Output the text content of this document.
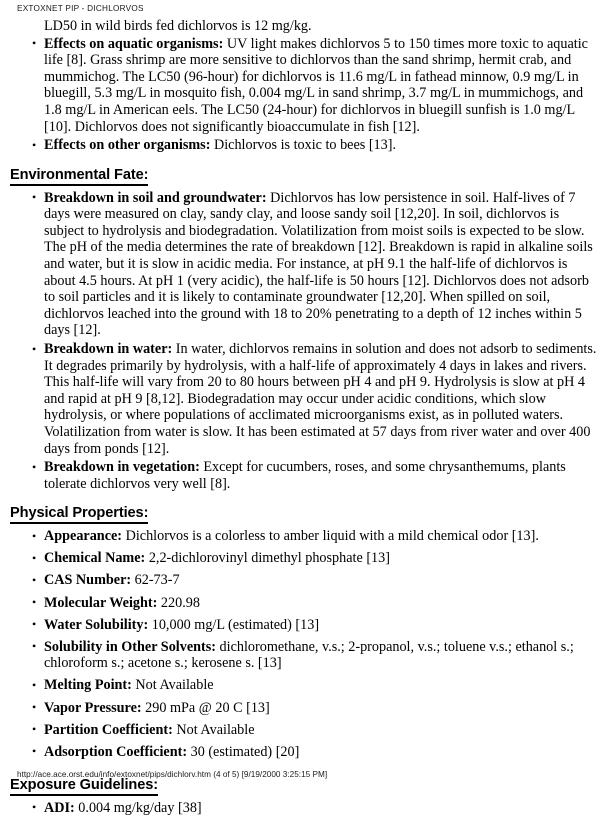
EXTOXNET PIP - DICHLORVOS

LD50 in wild birds fed dichlorvos is 12 mg/kg.

• Effects on aquatic organisms: UV light makes dichlorvos 5 to 150 times more toxic to aquatic life [8]. Grass shrimp are more sensitive to dichlorvos than the sand shrimp, hermit crab, and mummichog. The LC50 (96-hour) for dichlorvos is 11.6 mg/L in fathead minnow, 0.9 mg/L in bluegill, 5.3 mg/L in mosquito fish, 0.004 mg/L in sand shrimp, 3.7 mg/L in mummichogs, and 1.8 mg/L in American eels. The LC50 (24-hour) for dichlorvos in bluegill sunfish is 1.0 mg/L [10]. Dichlorvos does not significantly bioaccumulate in fish [12].
• Effects on other organisms: Dichlorvos is toxic to bees [13].
Environmental Fate:
• Breakdown in soil and groundwater: Dichlorvos has low persistence in soil. Half-lives of 7 days were measured on clay, sandy clay, and loose sandy soil [12,20]. In soil, dichlorvos is subject to hydrolysis and biodegradation. Volatilization from moist soils is expected to be slow. The pH of the media determines the rate of breakdown [12]. Breakdown is rapid in alkaline soils and water, but it is slow in acidic media. For instance, at pH 9.1 the half-life of dichlorvos is about 4.5 hours. At pH 1 (very acidic), the half-life is 50 hours [12]. Dichlorvos does not adsorb to soil particles and it is likely to contaminate groundwater [12,20]. When spilled on soil, dichlorvos leached into the ground with 18 to 20% penetrating to a depth of 12 inches within 5 days [12].
• Breakdown in water: In water, dichlorvos remains in solution and does not adsorb to sediments. It degrades primarily by hydrolysis, with a half-life of approximately 4 days in lakes and rivers. This half-life will vary from 20 to 80 hours between pH 4 and pH 9. Hydrolysis is slow at pH 4 and rapid at pH 9 [8,12]. Biodegradation may occur under acidic conditions, which slow hydrolysis, or where populations of acclimated microorganisms exist, as in polluted waters. Volatilization from water is slow. It has been estimated at 57 days from river water and over 400 days from ponds [12].
• Breakdown in vegetation: Except for cucumbers, roses, and some chrysanthemums, plants tolerate dichlorvos very well [8].
Physical Properties:
• Appearance: Dichlorvos is a colorless to amber liquid with a mild chemical odor [13].
• Chemical Name: 2,2-dichlorovinyl dimethyl phosphate [13]
• CAS Number: 62-73-7
• Molecular Weight: 220.98
• Water Solubility: 10,000 mg/L (estimated) [13]
• Solubility in Other Solvents: dichloromethane, v.s.; 2-propanol, v.s.; toluene v.s.; ethanol s.; chloroform s.; acetone s.; kerosene s. [13]
• Melting Point: Not Available
• Vapor Pressure: 290 mPa @ 20 C [13]
• Partition Coefficient: Not Available
• Adsorption Coefficient: 30 (estimated) [20]
Exposure Guidelines:
• ADI: 0.004 mg/kg/day [38]
http://ace.ace.orst.edu/info/extoxnet/pips/dichlorv.htm (4 of 5) [9/19/2000 3:25:15 PM]
